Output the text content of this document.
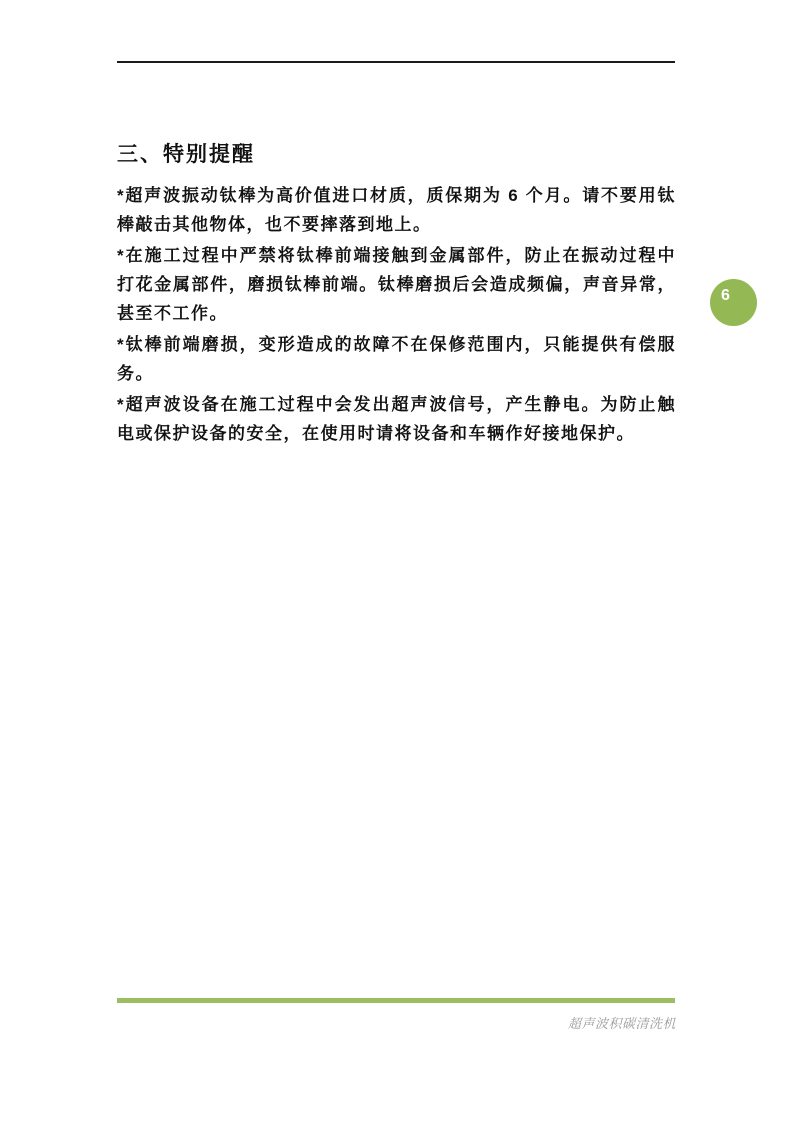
三、特别提醒

*超声波振动钛棒为高价值进口材质，质保期为 6 个月。请不要用钛棒敲击其他物体，也不要摔落到地上。

*在施工过程中严禁将钛棒前端接触到金属部件，防止在振动过程中打花金属部件，磨损钛棒前端。钛棒磨损后会造成频偏，声音异常，甚至不工作。

*钛棒前端磨损，变形造成的故障不在保修范围内，只能提供有偿服务。

*超声波设备在施工过程中会发出超声波信号，产生静电。为防止触电或保护设备的安全，在使用时请将设备和车辆作好接地保护。

6
超声波积碳清洗机
